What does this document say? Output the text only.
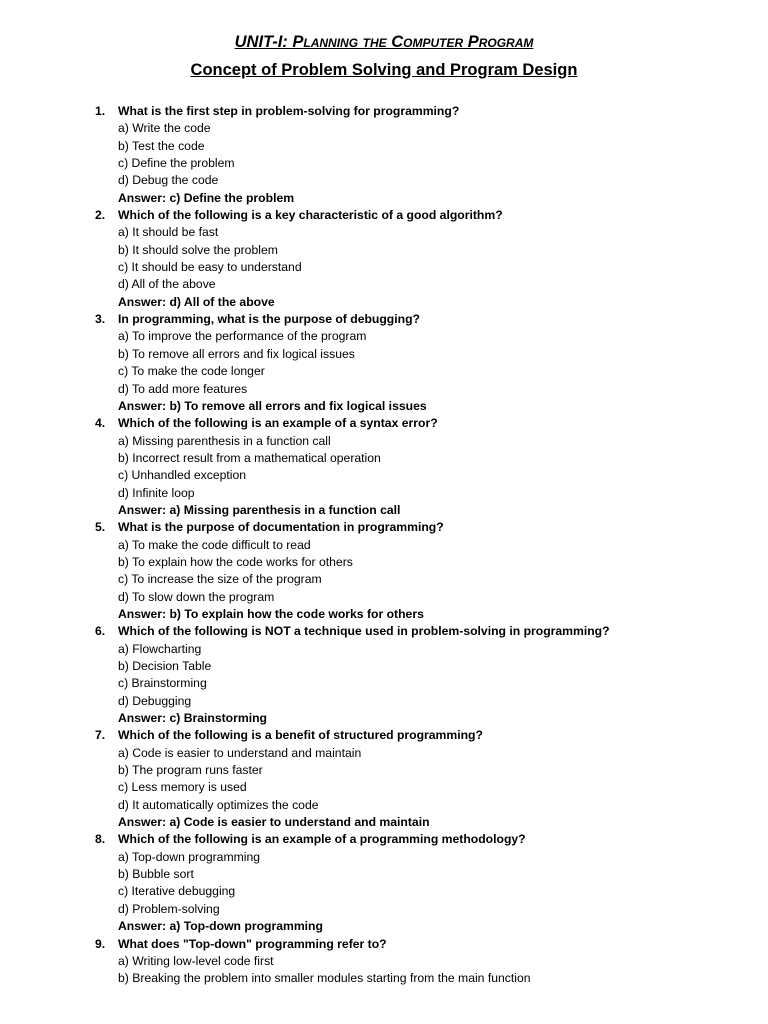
UNIT-I: Planning the Computer Program
Concept of Problem Solving and Program Design
1. What is the first step in problem-solving for programming?
a) Write the code
b) Test the code
c) Define the problem
d) Debug the code
Answer: c) Define the problem
2. Which of the following is a key characteristic of a good algorithm?
a) It should be fast
b) It should solve the problem
c) It should be easy to understand
d) All of the above
Answer: d) All of the above
3. In programming, what is the purpose of debugging?
a) To improve the performance of the program
b) To remove all errors and fix logical issues
c) To make the code longer
d) To add more features
Answer: b) To remove all errors and fix logical issues
4. Which of the following is an example of a syntax error?
a) Missing parenthesis in a function call
b) Incorrect result from a mathematical operation
c) Unhandled exception
d) Infinite loop
Answer: a) Missing parenthesis in a function call
5. What is the purpose of documentation in programming?
a) To make the code difficult to read
b) To explain how the code works for others
c) To increase the size of the program
d) To slow down the program
Answer: b) To explain how the code works for others
6. Which of the following is NOT a technique used in problem-solving in programming?
a) Flowcharting
b) Decision Table
c) Brainstorming
d) Debugging
Answer: c) Brainstorming
7. Which of the following is a benefit of structured programming?
a) Code is easier to understand and maintain
b) The program runs faster
c) Less memory is used
d) It automatically optimizes the code
Answer: a) Code is easier to understand and maintain
8. Which of the following is an example of a programming methodology?
a) Top-down programming
b) Bubble sort
c) Iterative debugging
d) Problem-solving
Answer: a) Top-down programming
9. What does "Top-down" programming refer to?
a) Writing low-level code first
b) Breaking the problem into smaller modules starting from the main function
